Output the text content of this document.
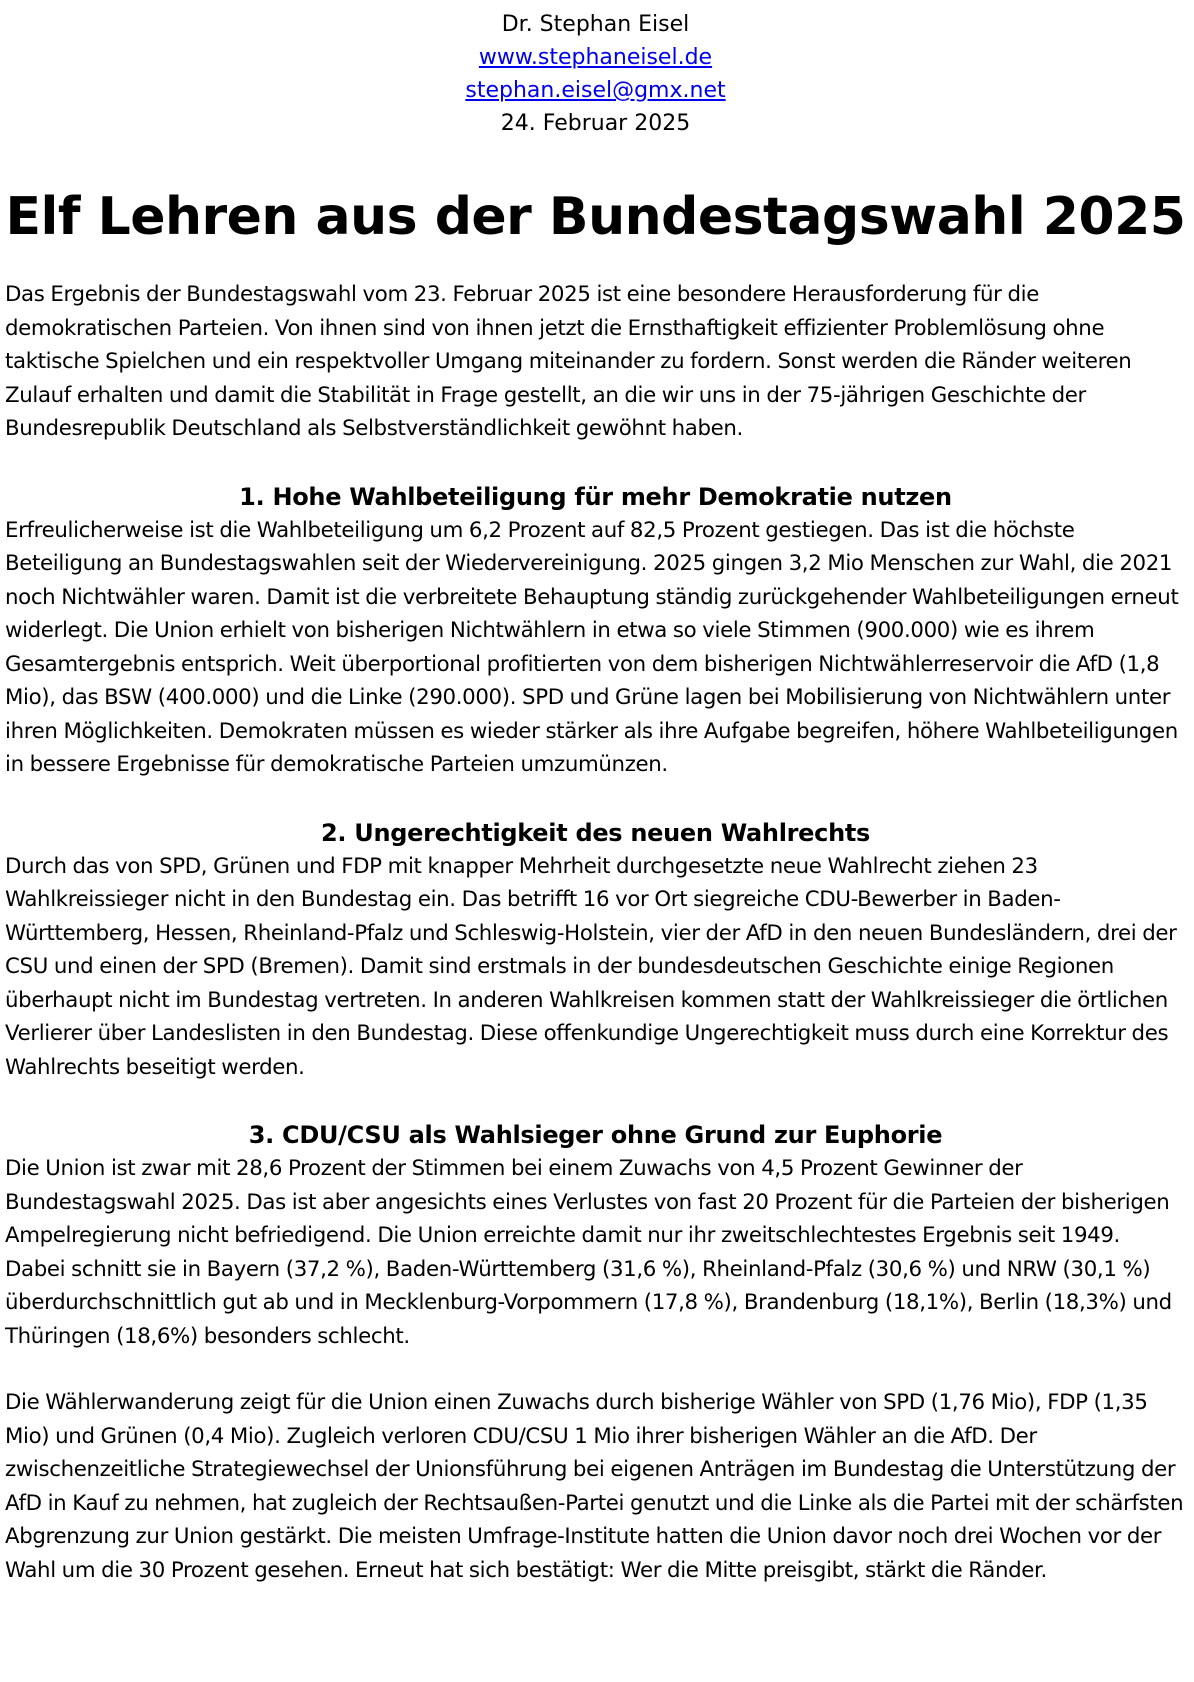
Dr. Stephan Eisel
www.stephaneisel.de
stephan.eisel@gmx.net
24. Februar 2025
Elf Lehren aus der Bundestagswahl 2025

Das Ergebnis der Bundestagswahl vom 23. Februar 2025 ist eine besondere Herausforderung für die demokratischen Parteien. Von ihnen sind von ihnen jetzt die Ernsthaftigkeit effizienter Problemlösung ohne taktische Spielchen und ein respektvoller Umgang miteinander zu fordern. Sonst werden die Ränder weiteren Zulauf erhalten und damit die Stabilität in Frage gestellt, an die wir uns in der 75-jährigen Geschichte der Bundesrepublik Deutschland als Selbstverständlichkeit gewöhnt haben.

1. Hohe Wahlbeteiligung für mehr Demokratie nutzen

Erfreulicherweise ist die Wahlbeteiligung um 6,2 Prozent auf 82,5 Prozent gestiegen. Das ist die höchste Beteiligung an Bundestagswahlen seit der Wiedervereinigung. 2025 gingen 3,2 Mio Menschen zur Wahl, die 2021 noch Nichtwähler waren. Damit ist die verbreitete Behauptung ständig zurückgehender Wahlbeteiligungen erneut widerlegt. Die Union erhielt von bisherigen Nichtwählern in etwa so viele Stimmen (900.000) wie es ihrem Gesamtergebnis entsprich. Weit überportional profitierten von dem bisherigen Nichtwählerreservoir die AfD (1,8 Mio), das BSW (400.000) und die Linke (290.000). SPD und Grüne lagen bei Mobilisierung von Nichtwählern unter ihren Möglichkeiten. Demokraten müssen es wieder stärker als ihre Aufgabe begreifen, höhere Wahlbeteiligungen in bessere Ergebnisse für demokratische Parteien umzumünzen.

2. Ungerechtigkeit des neuen Wahlrechts

Durch das von SPD, Grünen und FDP mit knapper Mehrheit durchgesetzte neue Wahlrecht ziehen 23 Wahlkreissieger nicht in den Bundestag ein. Das betrifft 16 vor Ort siegreiche CDU-Bewerber in Baden-Württemberg, Hessen, Rheinland-Pfalz und Schleswig-Holstein, vier der AfD in den neuen Bundesländern, drei der CSU und einen der SPD (Bremen). Damit sind erstmals in der bundesdeutschen Geschichte einige Regionen überhaupt nicht im Bundestag vertreten. In anderen Wahlkreisen kommen statt der Wahlkreissieger die örtlichen Verlierer über Landeslisten in den Bundestag. Diese offenkundige Ungerechtigkeit muss durch eine Korrektur des Wahlrechts beseitigt werden.

3. CDU/CSU als Wahlsieger ohne Grund zur Euphorie

Die Union ist zwar mit 28,6 Prozent der Stimmen bei einem Zuwachs von 4,5 Prozent Gewinner der Bundestagswahl 2025. Das ist aber angesichts eines Verlustes von fast 20 Prozent für die Parteien der bisherigen Ampelregierung nicht befriedigend. Die Union erreichte damit nur ihr zweitschlechtestes Ergebnis seit 1949. Dabei schnitt sie in Bayern (37,2 %), Baden-Württemberg (31,6 %), Rheinland-Pfalz (30,6 %) und NRW (30,1 %) überdurchschnittlich gut ab und in Mecklenburg-Vorpommern (17,8 %), Brandenburg (18,1%), Berlin (18,3%) und Thüringen (18,6%) besonders schlecht.

Die Wählerwanderung zeigt für die Union einen Zuwachs durch bisherige Wähler von SPD (1,76 Mio), FDP (1,35 Mio) und Grünen (0,4 Mio). Zugleich verloren CDU/CSU 1 Mio ihrer bisherigen Wähler an die AfD. Der zwischenzeitliche Strategiewechsel der Unionsführung bei eigenen Anträgen im Bundestag die Unterstützung der AfD in Kauf zu nehmen, hat zugleich der Rechtsaußen-Partei genutzt und die Linke als die Partei mit der schärfsten Abgrenzung zur Union gestärkt. Die meisten Umfrage-Institute hatten die Union davor noch drei Wochen vor der Wahl um die 30 Prozent gesehen. Erneut hat sich bestätigt: Wer die Mitte preisgibt, stärkt die Ränder.
